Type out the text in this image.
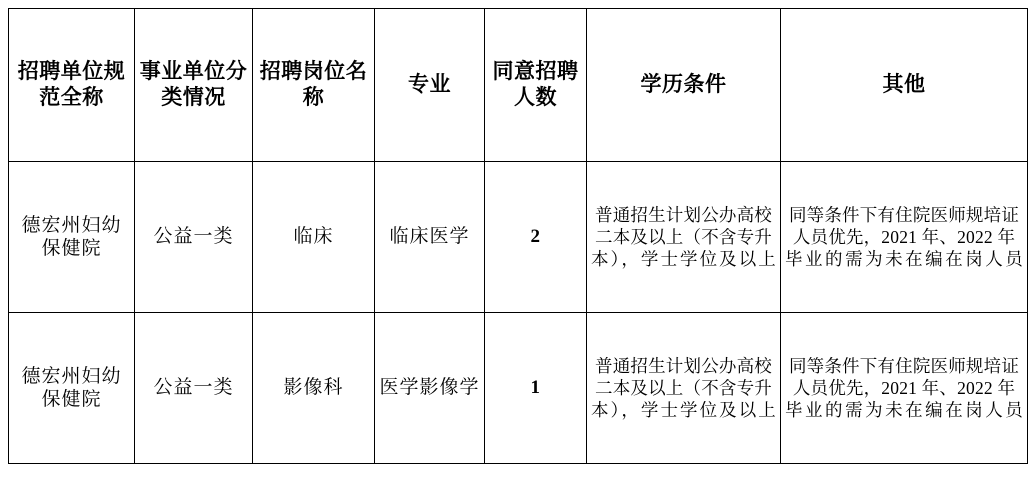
招聘单位规范全称	事业单位分类情况	招聘岗位名称	专业	同意招聘人数	学历条件	其他
德宏州妇幼保健院	公益一类	临床	临床医学	2	普通招生计划公办高校二本及以上（不含专升本），学士学位及以上	同等条件下有住院医师规培证人员优先，2021 年、2022 年毕业的需为未在编在岗人员
德宏州妇幼保健院	公益一类	影像科	医学影像学	1	普通招生计划公办高校二本及以上（不含专升本），学士学位及以上	同等条件下有住院医师规培证人员优先，2021 年、2022 年毕业的需为未在编在岗人员
